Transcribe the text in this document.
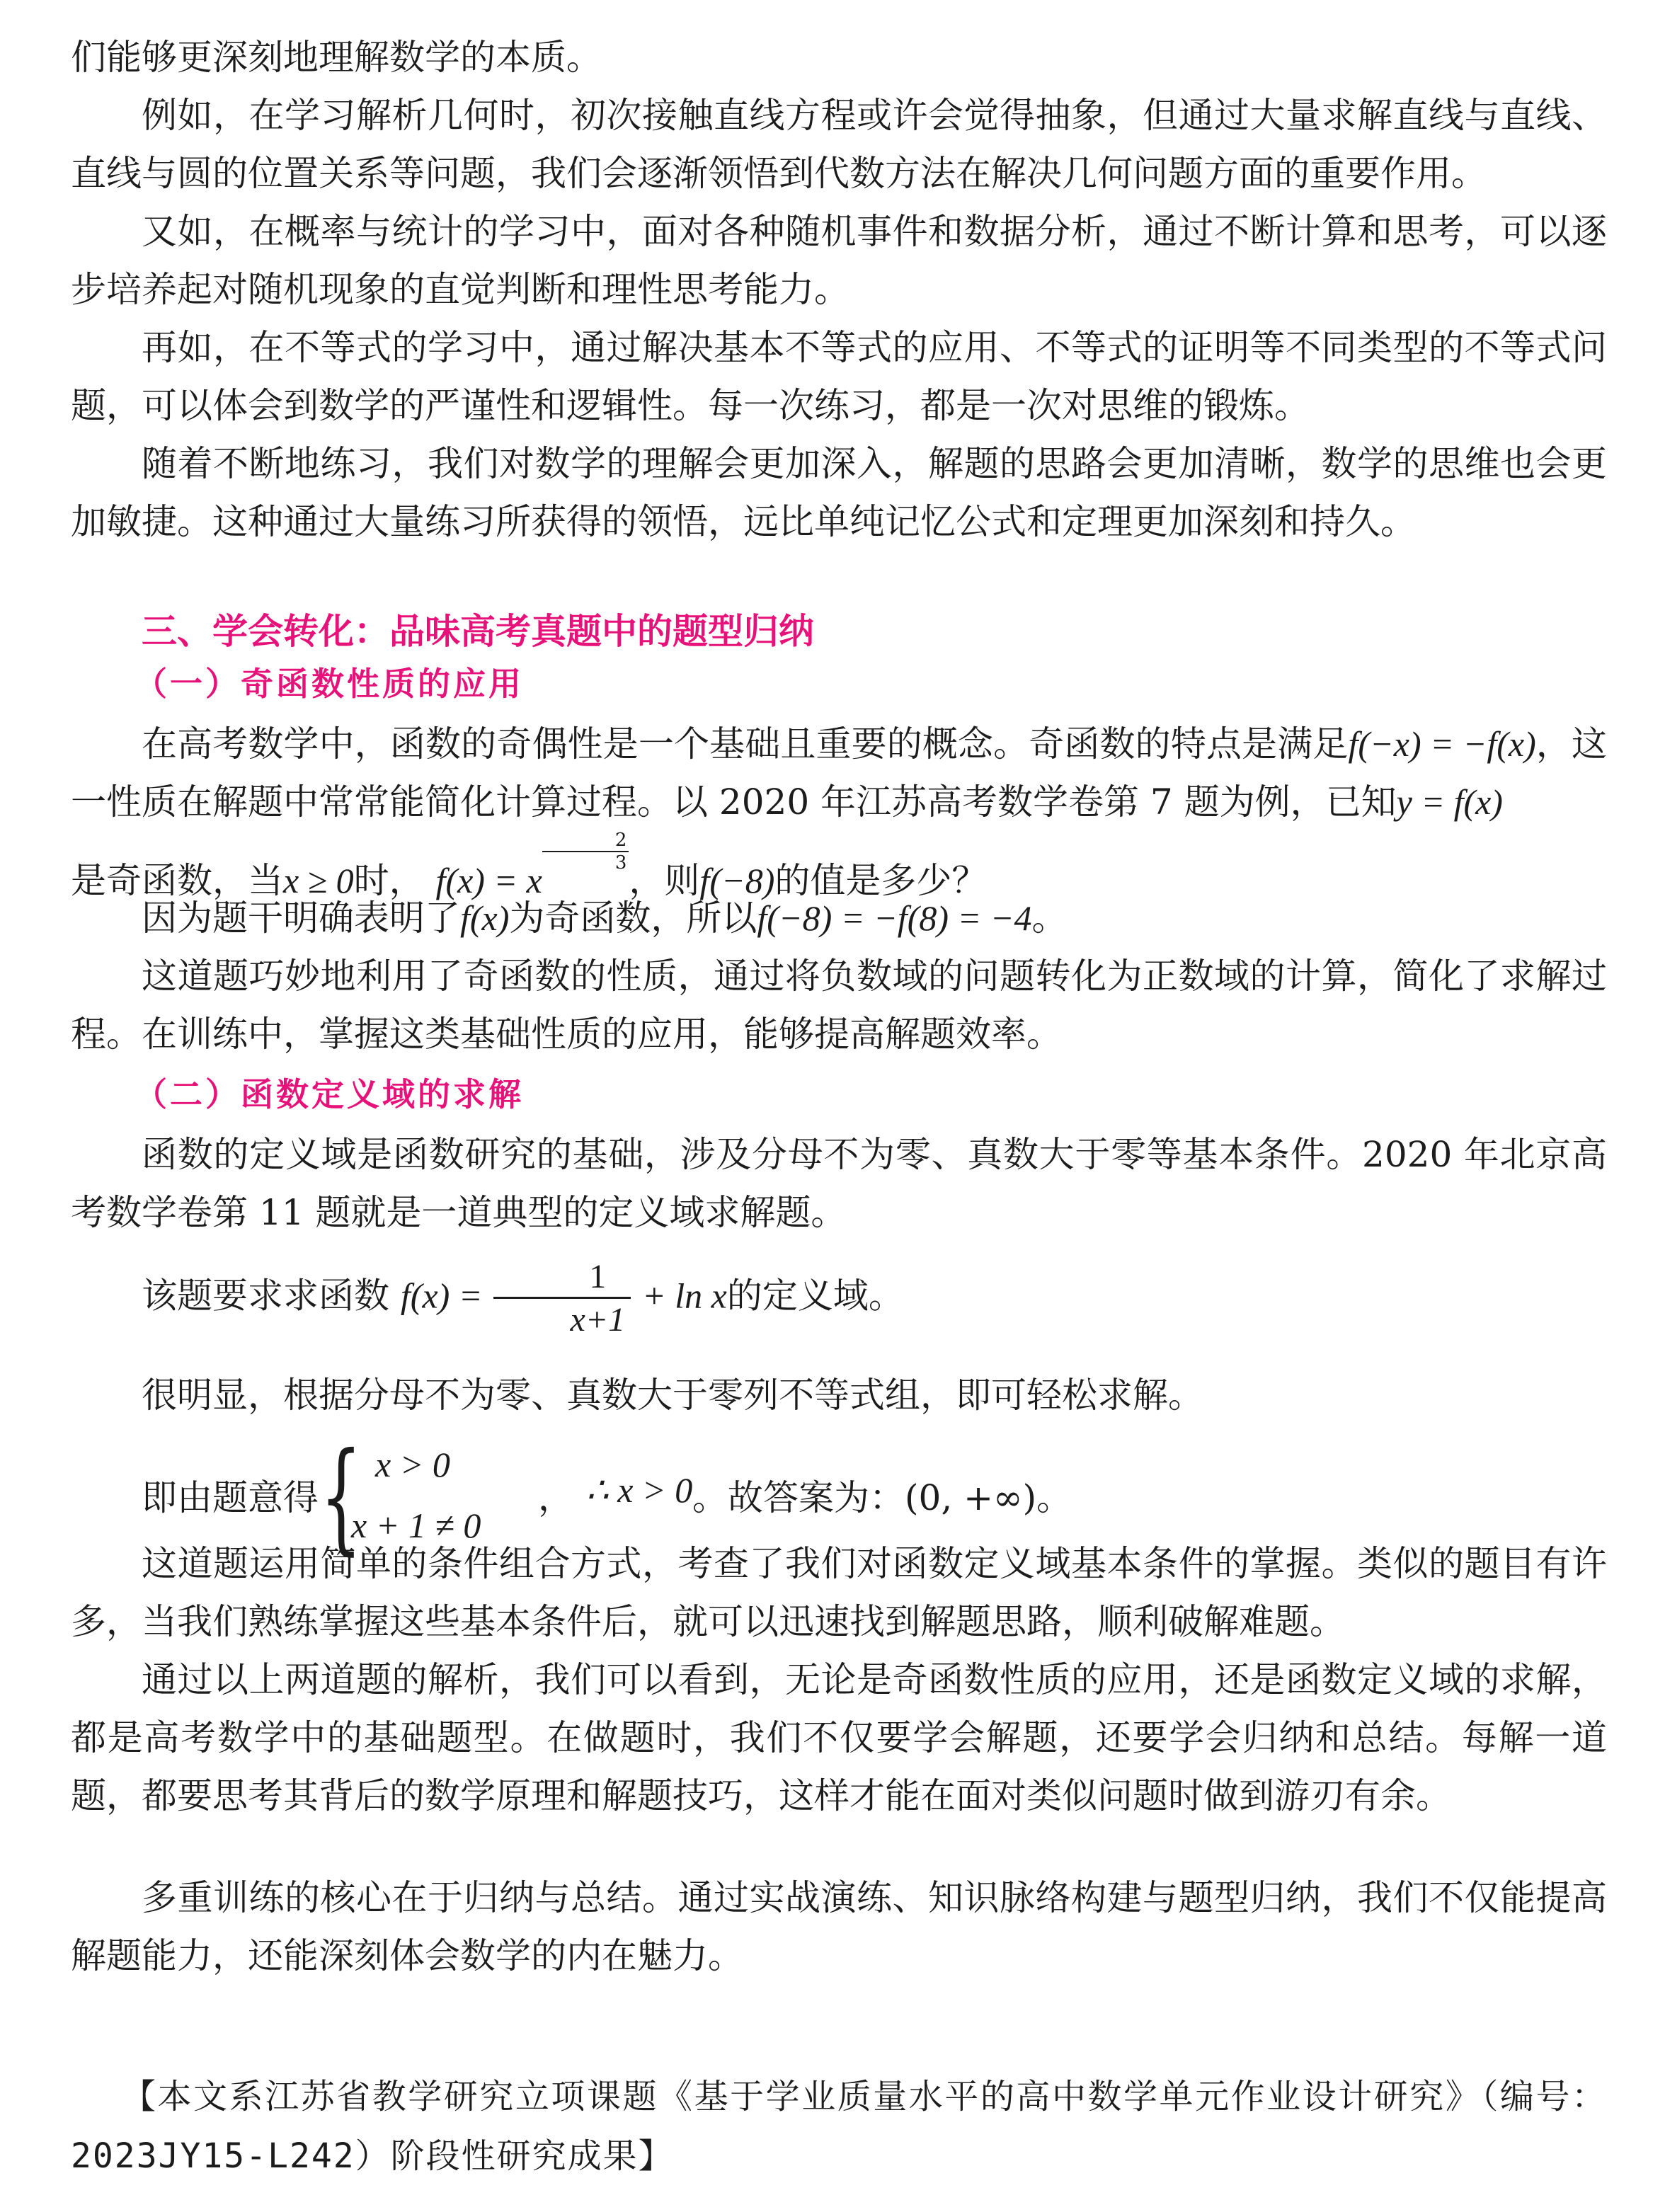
们能够更深刻地理解数学的本质。

例如，在学习解析几何时，初次接触直线方程或许会觉得抽象，但通过大量求解直线与直线、直线与圆的位置关系等问题，我们会逐渐领悟到代数方法在解决几何问题方面的重要作用。

又如，在概率与统计的学习中，面对各种随机事件和数据分析，通过不断计算和思考，可以逐步培养起对随机现象的直觉判断和理性思考能力。

再如，在不等式的学习中，通过解决基本不等式的应用、不等式的证明等不同类型的不等式问题，可以体会到数学的严谨性和逻辑性。每一次练习，都是一次对思维的锻炼。

随着不断地练习，我们对数学的理解会更加深入，解题的思路会更加清晰，数学的思维也会更加敏捷。这种通过大量练习所获得的领悟，远比单纯记忆公式和定理更加深刻和持久。

三、学会转化：品味高考真题中的题型归纳
（一）奇函数性质的应用

在高考数学中，函数的奇偶性是一个基础且重要的概念。奇函数的特点是满足f(−x) = −f(x)，这一性质在解题中常常能简化计算过程。以 2020 年江苏高考数学卷第 7 题为例，已知y = f(x)
是奇函数，当x ≥ 0时， f(x) = x
$\frac{2}{3}$
，则f(−8)的值是多少？

因为题干明确表明了f(x)为奇函数，所以f(−8) = −f(8) = −4。

这道题巧妙地利用了奇函数的性质，通过将负数域的问题转化为正数域的计算，简化了求解过程。在训练中，掌握这类基础性质的应用，能够提高解题效率。

（二）函数定义域的求解

函数的定义域是函数研究的基础，涉及分母不为零、真数大于零等基本条件。2020 年北京高考数学卷第 11 题就是一道典型的定义域求解题。

该题要求求函数 $f(x) = \frac{1}{x+1} + \ln x$的定义域。

很明显，根据分母不为零、真数大于零列不等式组，即可轻松求解。

即由题意得 { x > 0
x + 1 ≠ 0
， ∴ x > 0 。故答案为：(0, +∞)。

这道题运用简单的条件组合方式，考查了我们对函数定义域基本条件的掌握。类似的题目有许多，当我们熟练掌握这些基本条件后，就可以迅速找到解题思路，顺利破解难题。

通过以上两道题的解析，我们可以看到，无论是奇函数性质的应用，还是函数定义域的求解，都是高考数学中的基础题型。在做题时，我们不仅要学会解题，还要学会归纳和总结。每解一道题，都要思考其背后的数学原理和解题技巧，这样才能在面对类似问题时做到游刃有余。

多重训练的核心在于归纳与总结。通过实战演练、知识脉络构建与题型归纳，我们不仅能提高解题能力，还能深刻体会数学的内在魅力。

【本文系江苏省教学研究立项课题《基于学业质量水平的高中数学单元作业设计研究》（编号：2023JY15-L242）阶段性研究成果】
